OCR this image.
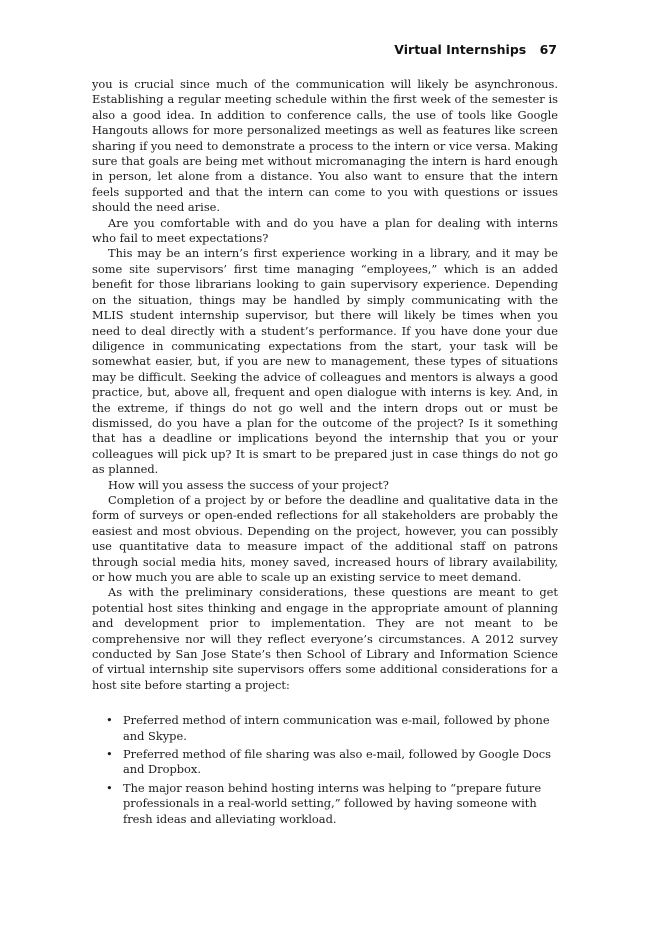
Virtual Internships 67

you is crucial since much of the communication will likely be asynchronous. Establishing a regular meeting schedule within the first week of the semester is also a good idea. In addition to conference calls, the use of tools like Google Hangouts allows for more personalized meetings as well as features like screen sharing if you need to demonstrate a process to the intern or vice versa. Making sure that goals are being met without micromanaging the intern is hard enough in person, let alone from a distance. You also want to ensure that the intern feels supported and that the intern can come to you with questions or issues should the need arise.

Are you comfortable with and do you have a plan for dealing with interns who fail to meet expectations?

This may be an intern’s first experience working in a library, and it may be some site supervisors’ first time managing “employees,” which is an added benefit for those librarians looking to gain supervisory experience. Depending on the situation, things may be handled by simply communicating with the MLIS student internship supervisor, but there will likely be times when you need to deal directly with a student’s performance. If you have done your due diligence in communicating expectations from the start, your task will be somewhat easier, but, if you are new to management, these types of situations may be difficult. Seeking the advice of colleagues and mentors is always a good practice, but, above all, frequent and open dialogue with interns is key. And, in the extreme, if things do not go well and the intern drops out or must be dismissed, do you have a plan for the outcome of the project? Is it something that has a deadline or implications beyond the internship that you or your colleagues will pick up? It is smart to be prepared just in case things do not go as planned.

How will you assess the success of your project?

Completion of a project by or before the deadline and qualitative data in the form of surveys or open-ended reflections for all stakeholders are probably the easiest and most obvious. Depending on the project, however, you can possibly use quantitative data to measure impact of the additional staff on patrons through social media hits, money saved, increased hours of library availability, or how much you are able to scale up an existing service to meet demand.

As with the preliminary considerations, these questions are meant to get potential host sites thinking and engage in the appropriate amount of planning and development prior to implementation. They are not meant to be comprehensive nor will they reflect everyone’s circumstances. A 2012 survey conducted by San Jose State’s then School of Library and Information Science of virtual internship site supervisors offers some additional considerations for a host site before starting a project:

• Preferred method of intern communication was e-mail, followed by phone and Skype.
• Preferred method of file sharing was also e-mail, followed by Google Docs and Dropbox.
• The major reason behind hosting interns was helping to “prepare future professionals in a real-world setting,” followed by having someone with fresh ideas and alleviating workload.
